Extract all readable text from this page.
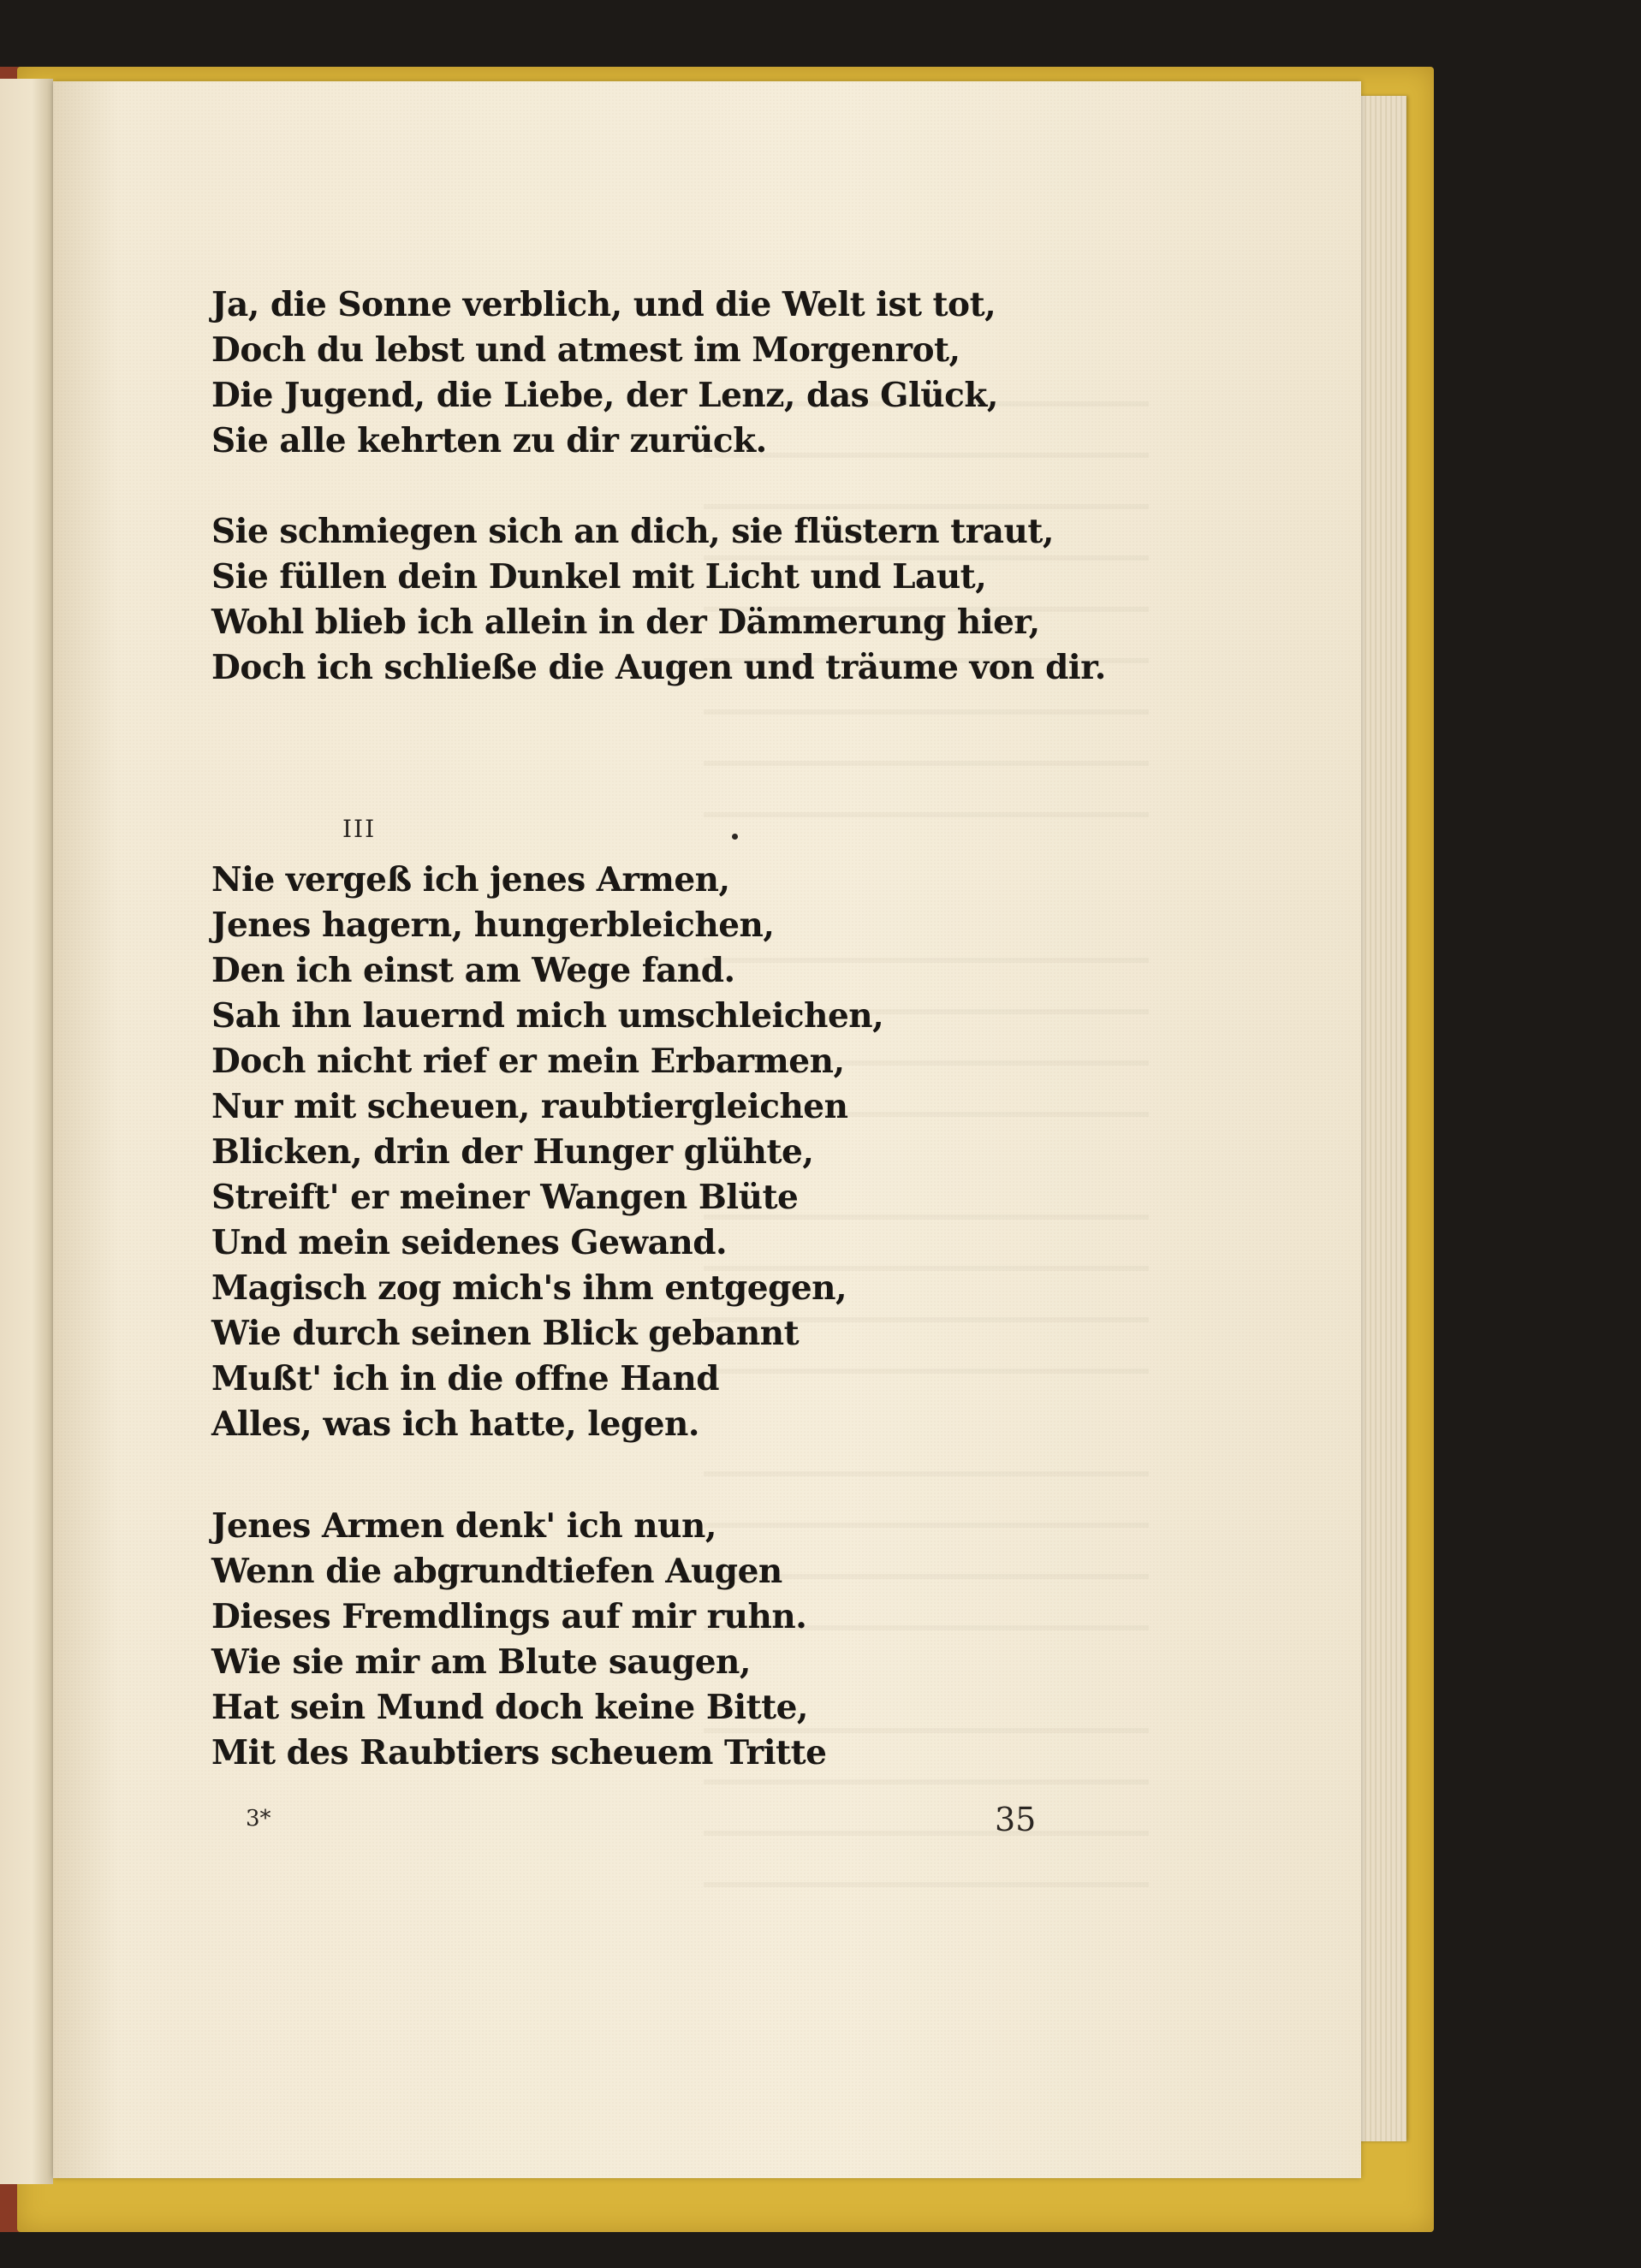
Ja, die Sonne verblich, und die Welt ist tot,
Doch du lebst und atmest im Morgenrot,
Die Jugend, die Liebe, der Lenz, das Glück,
Sie alle kehrten zu dir zurück.
Sie schmiegen sich an dich, sie flüstern traut,
Sie füllen dein Dunkel mit Licht und Laut,
Wohl blieb ich allein in der Dämmerung hier,
Doch ich schließe die Augen und träume von dir.
III
Nie vergeß ich jenes Armen,
Jenes hagern, hungerbleichen,
Den ich einst am Wege fand.
Sah ihn lauernd mich umschleichen,
Doch nicht rief er mein Erbarmen,
Nur mit scheuen, raubtiergleichen
Blicken, drin der Hunger glühte,
Streift' er meiner Wangen Blüte
Und mein seidenes Gewand.
Magisch zog mich's ihm entgegen,
Wie durch seinen Blick gebannt
Mußt' ich in die offne Hand
Alles, was ich hatte, legen.
Jenes Armen denk' ich nun,
Wenn die abgrundtiefen Augen
Dieses Fremdlings auf mir ruhn.
Wie sie mir am Blute saugen,
Hat sein Mund doch keine Bitte,
Mit des Raubtiers scheuem Tritte
3*	35
